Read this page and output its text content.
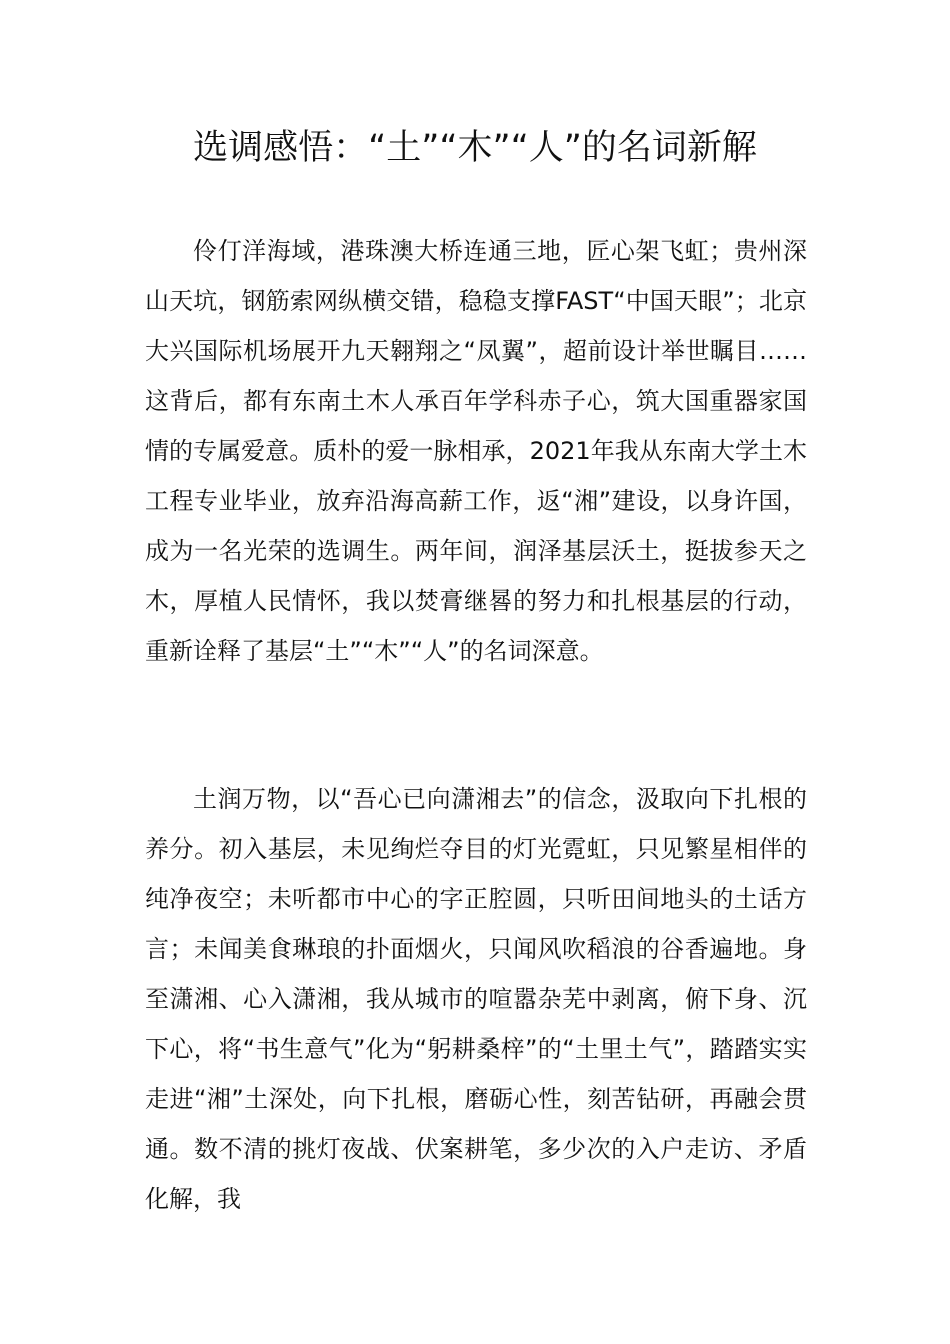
选调感悟：“土”“木”“人”的名词新解

伶仃洋海域，港珠澳大桥连通三地，匠心架飞虹；贵州深山天坑，钢筋索网纵横交错，稳稳支撑FAST“中国天眼”；北京大兴国际机场展开九天翱翔之“凤翼”，超前设计举世瞩目……这背后，都有东南土木人承百年学科赤子心，筑大国重器家国情的专属爱意。质朴的爱一脉相承，2021年我从东南大学土木工程专业毕业，放弃沿海高薪工作，返“湘”建设，以身许国，成为一名光荣的选调生。两年间，润泽基层沃土，挺拔参天之木，厚植人民情怀，我以焚膏继晷的努力和扎根基层的行动，重新诠释了基层“土”“木”“人”的名词深意。

土润万物，以“吾心已向潇湘去”的信念，汲取向下扎根的养分。初入基层，未见绚烂夺目的灯光霓虹，只见繁星相伴的纯净夜空；未听都市中心的字正腔圆，只听田间地头的土话方言；未闻美食琳琅的扑面烟火，只闻风吹稻浪的谷香遍地。身至潇湘、心入潇湘，我从城市的喧嚣杂芜中剥离，俯下身、沉下心，将“书生意气”化为“躬耕桑梓”的“土里土气”，踏踏实实走进“湘”土深处，向下扎根，磨砺心性，刻苦钻研，再融会贯通。数不清的挑灯夜战、伏案耕笔，多少次的入户走访、矛盾化解，我
